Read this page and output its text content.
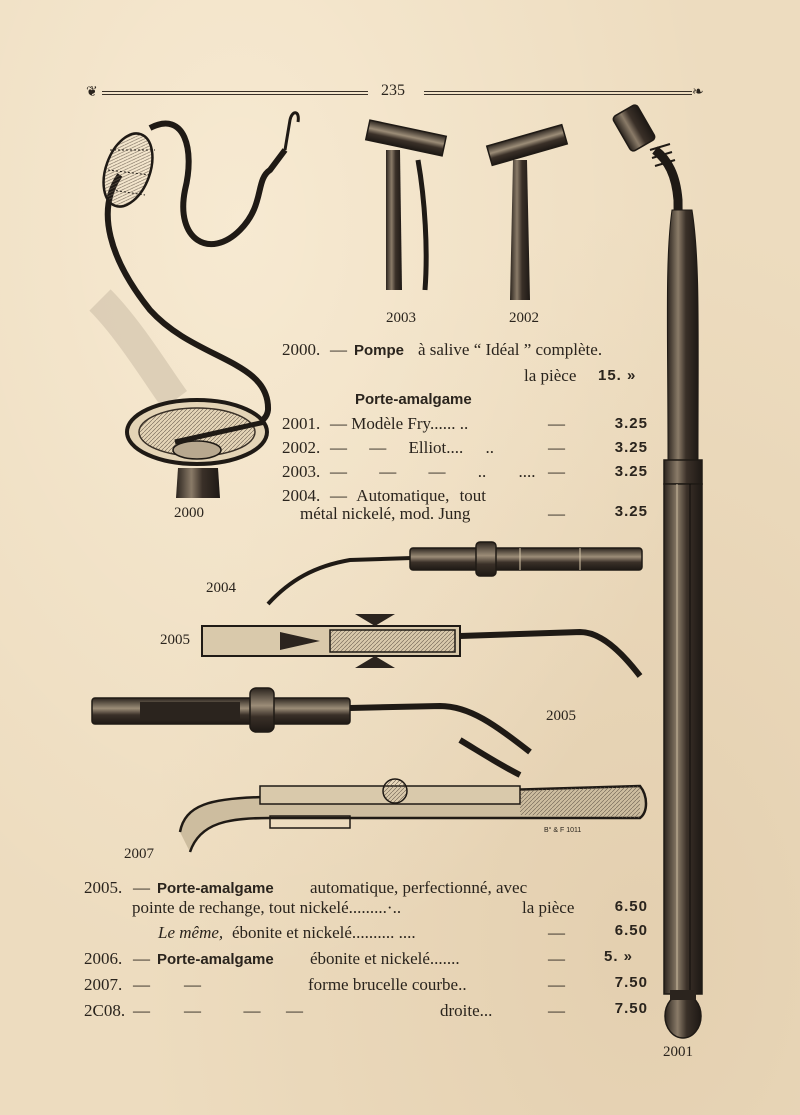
❦	235	❧
B° & F 1011
2000
2001
2002
2003
2004
2005
2005
2007
2000. — Pompe à salive “ Idéal ” complète.
la pièce 15. »
Porte-amalgame
2001. — Modèle Fry...... ..	—	3.25
2002. — — Elliot.... ..	—	3.25
2003. — — — .. .... —	3.25
2004. — Automatique, tout
métal nickelé, mod. Jung	—	3.25
2005. — Porte-amalgame automatique, perfectionné, avec
pointe de rechange, tout nickelé.........·..	la pièce	6.50
Le même, ébonite et nickelé.......... ....	—	6.50
2006. — Porte-amalgame ébonite et nickelé.......	—	5. »
2007. —        —	forme brucelle courbe..	—	7.50
2C08. —        —          —      —	droite...	—	7.50
